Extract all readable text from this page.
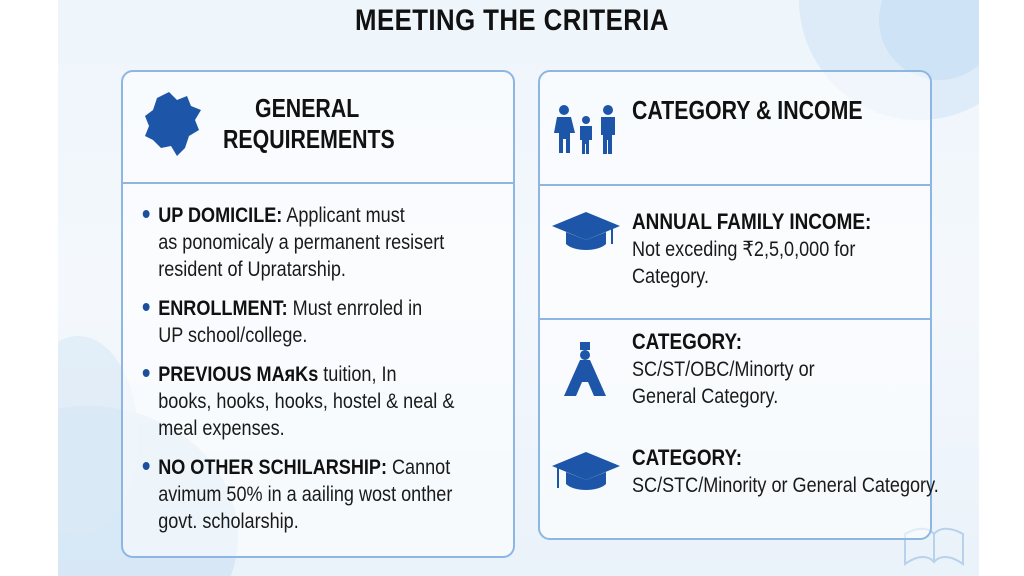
MEETING THE CRITERIA
GENERAL
REQUIREMENTS
UP DOMICILE: Applicant must
as ponomicaly a permanent resisert
resident of Upratarship.
ENROLLMENT: Must enrroled in
UP school/college.
PREVIOUS MAᴙKs tuition, In
books, hooks, hooks, hostel & neal &
meal expenses.
NO OTHER SCHILARSHIP: Cannot
avimum 50% in a aailing wost onther
govt. scholarship.
CATEGORY & INCOME
ANNUAL FAMILY INCOME:
Not exceding ₹2,5,0,000 for
Category.
CATEGORY:
SC/ST/OBC/Minorty or
General Category.
CATEGORY:
SC/STC/Minority or General Category.
